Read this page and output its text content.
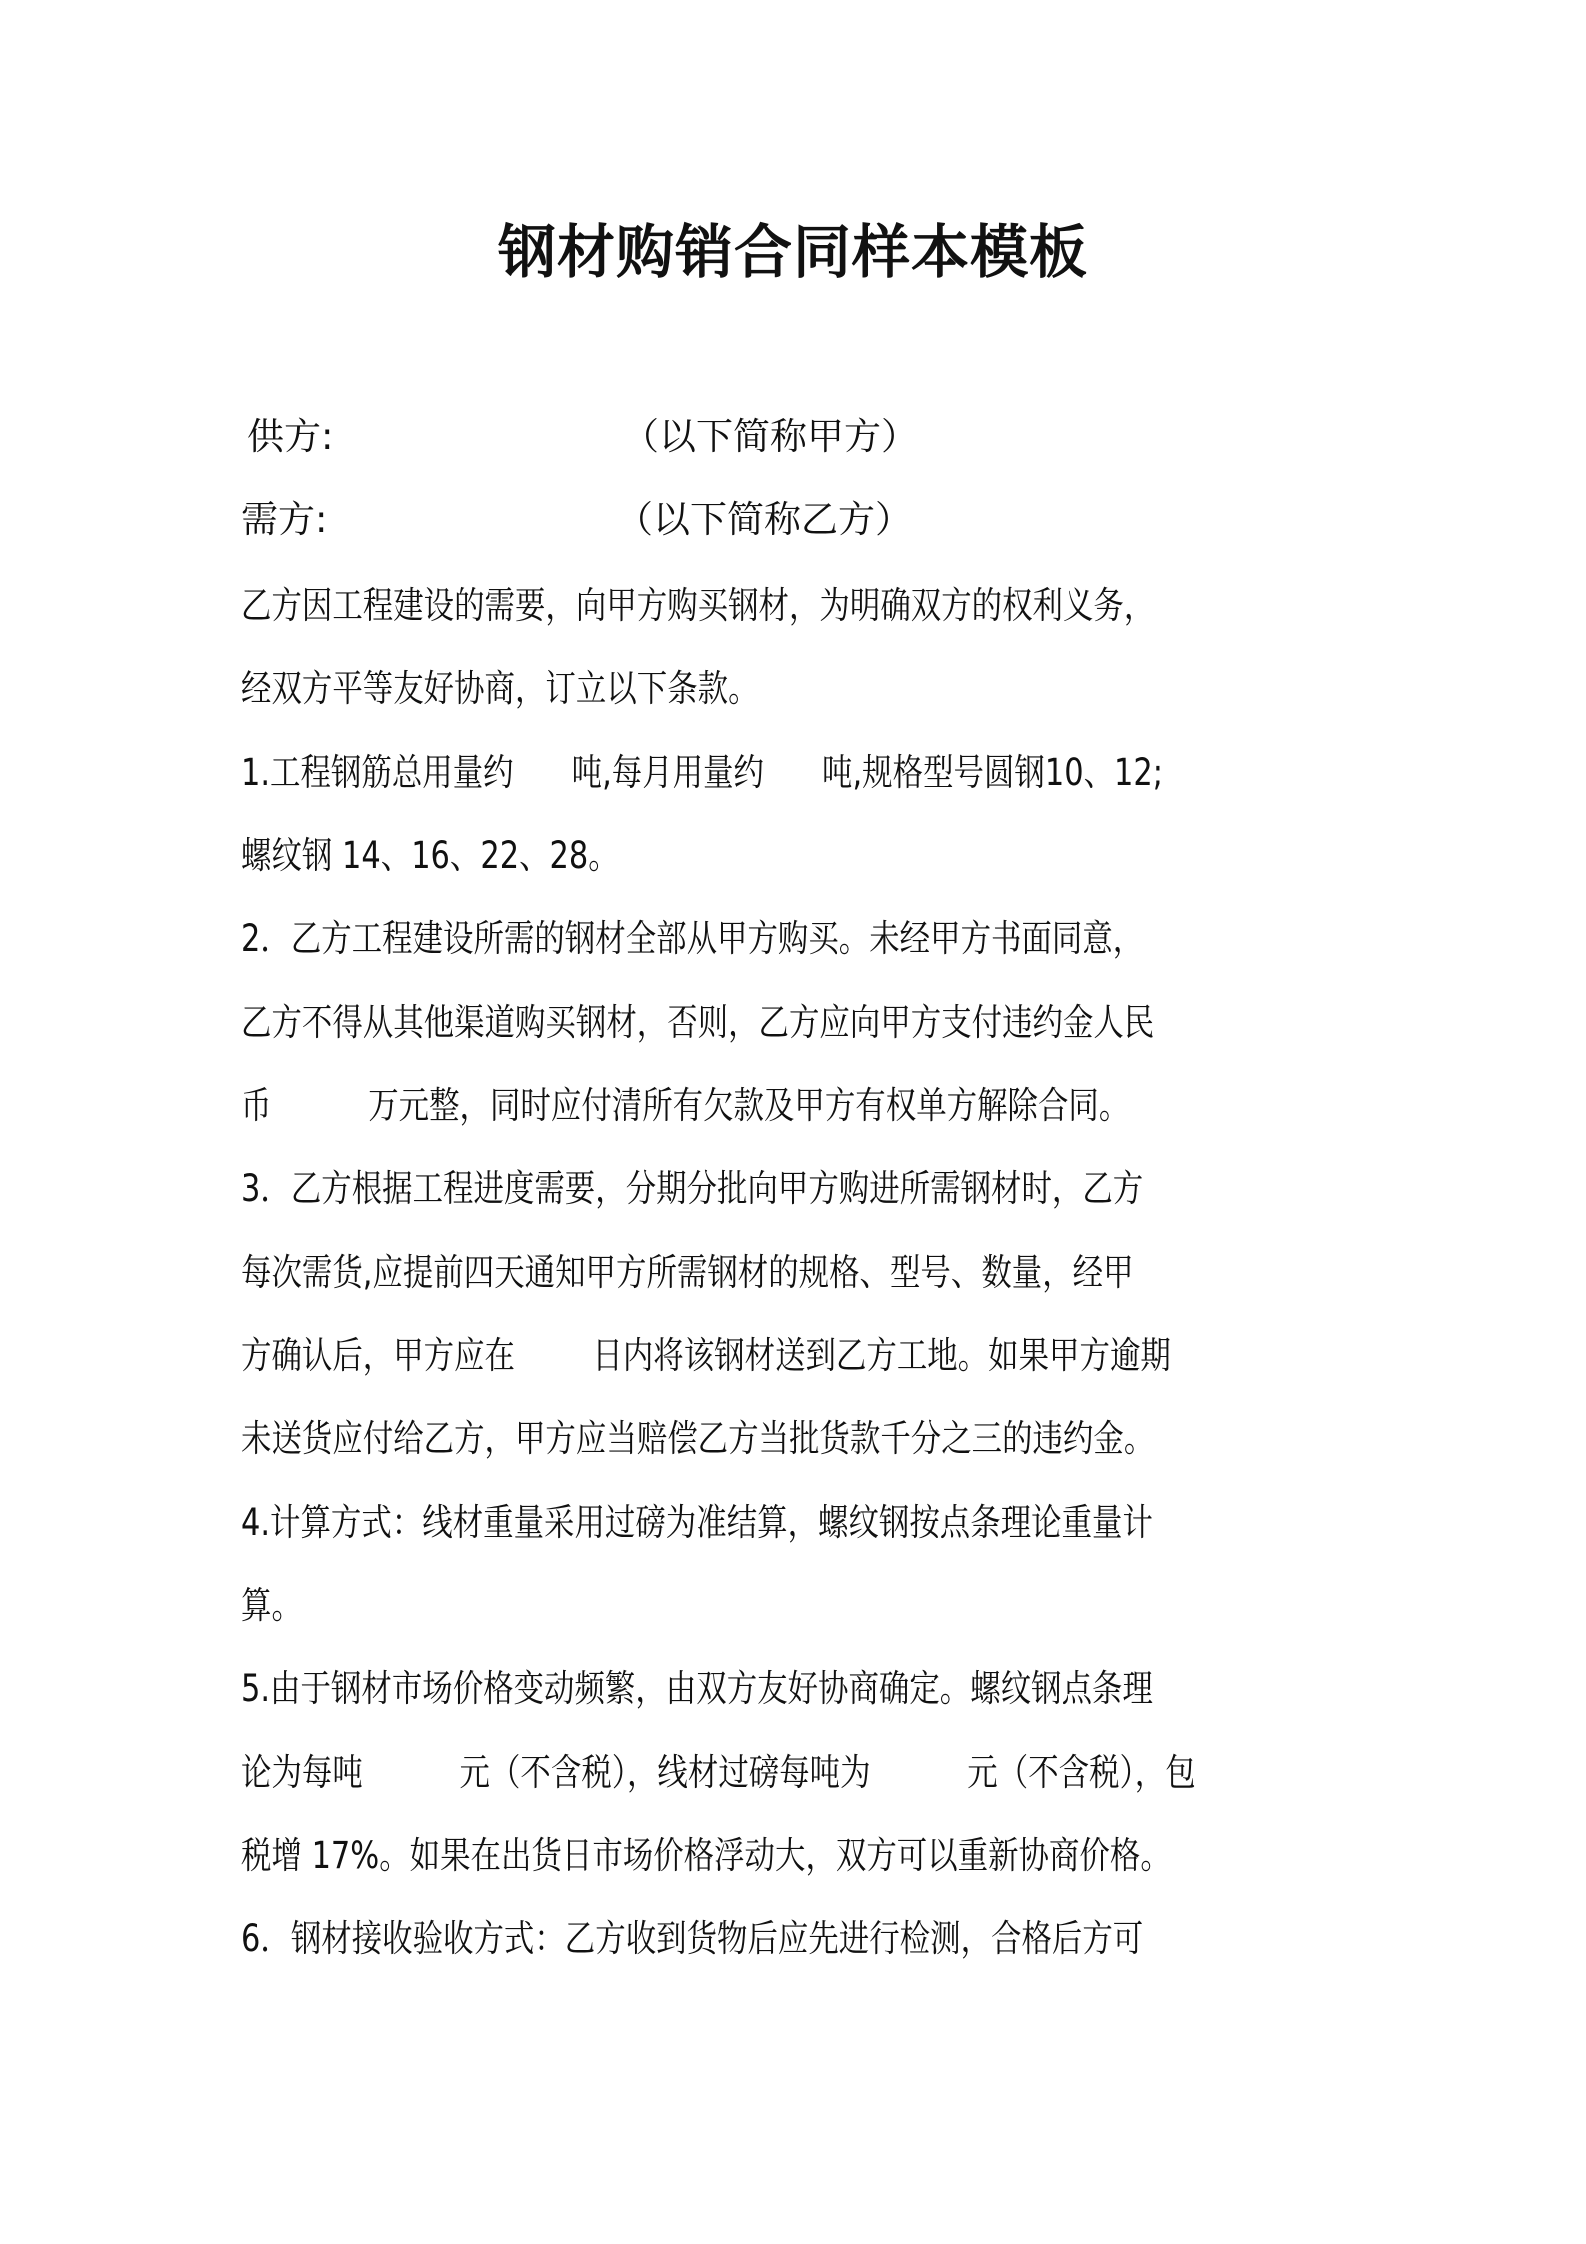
钢材购销合同样本模板
供方:	（以下简称甲方）
需方:	（以下简称乙方）
乙方因工程建设的需要，向甲方购买钢材，为明确双方的权利义务，
经双方平等友好协商，订立以下条款。
1.工程钢筋总用量约      吨,每月用量约      吨,规格型号圆钢10、12;
螺纹钢 14、16、22、28。
2．乙方工程建设所需的钢材全部从甲方购买。未经甲方书面同意，
乙方不得从其他渠道购买钢材，否则，乙方应向甲方支付违约金人民
币          万元整，同时应付清所有欠款及甲方有权单方解除合同。
3．乙方根据工程进度需要，分期分批向甲方购进所需钢材时，乙方
每次需货,应提前四天通知甲方所需钢材的规格、型号、数量，经甲
方确认后，甲方应在        日内将该钢材送到乙方工地。如果甲方逾期
未送货应付给乙方，甲方应当赔偿乙方当批货款千分之三的违约金。
4.计算方式：线材重量采用过磅为准结算，螺纹钢按点条理论重量计
算。
5.由于钢材市场价格变动频繁，由双方友好协商确定。螺纹钢点条理
论为每吨          元（不含税），线材过磅每吨为          元（不含税），包
税增 17%。如果在出货日市场价格浮动大，双方可以重新协商价格。
6．钢材接收验收方式：乙方收到货物后应先进行检测，合格后方可
